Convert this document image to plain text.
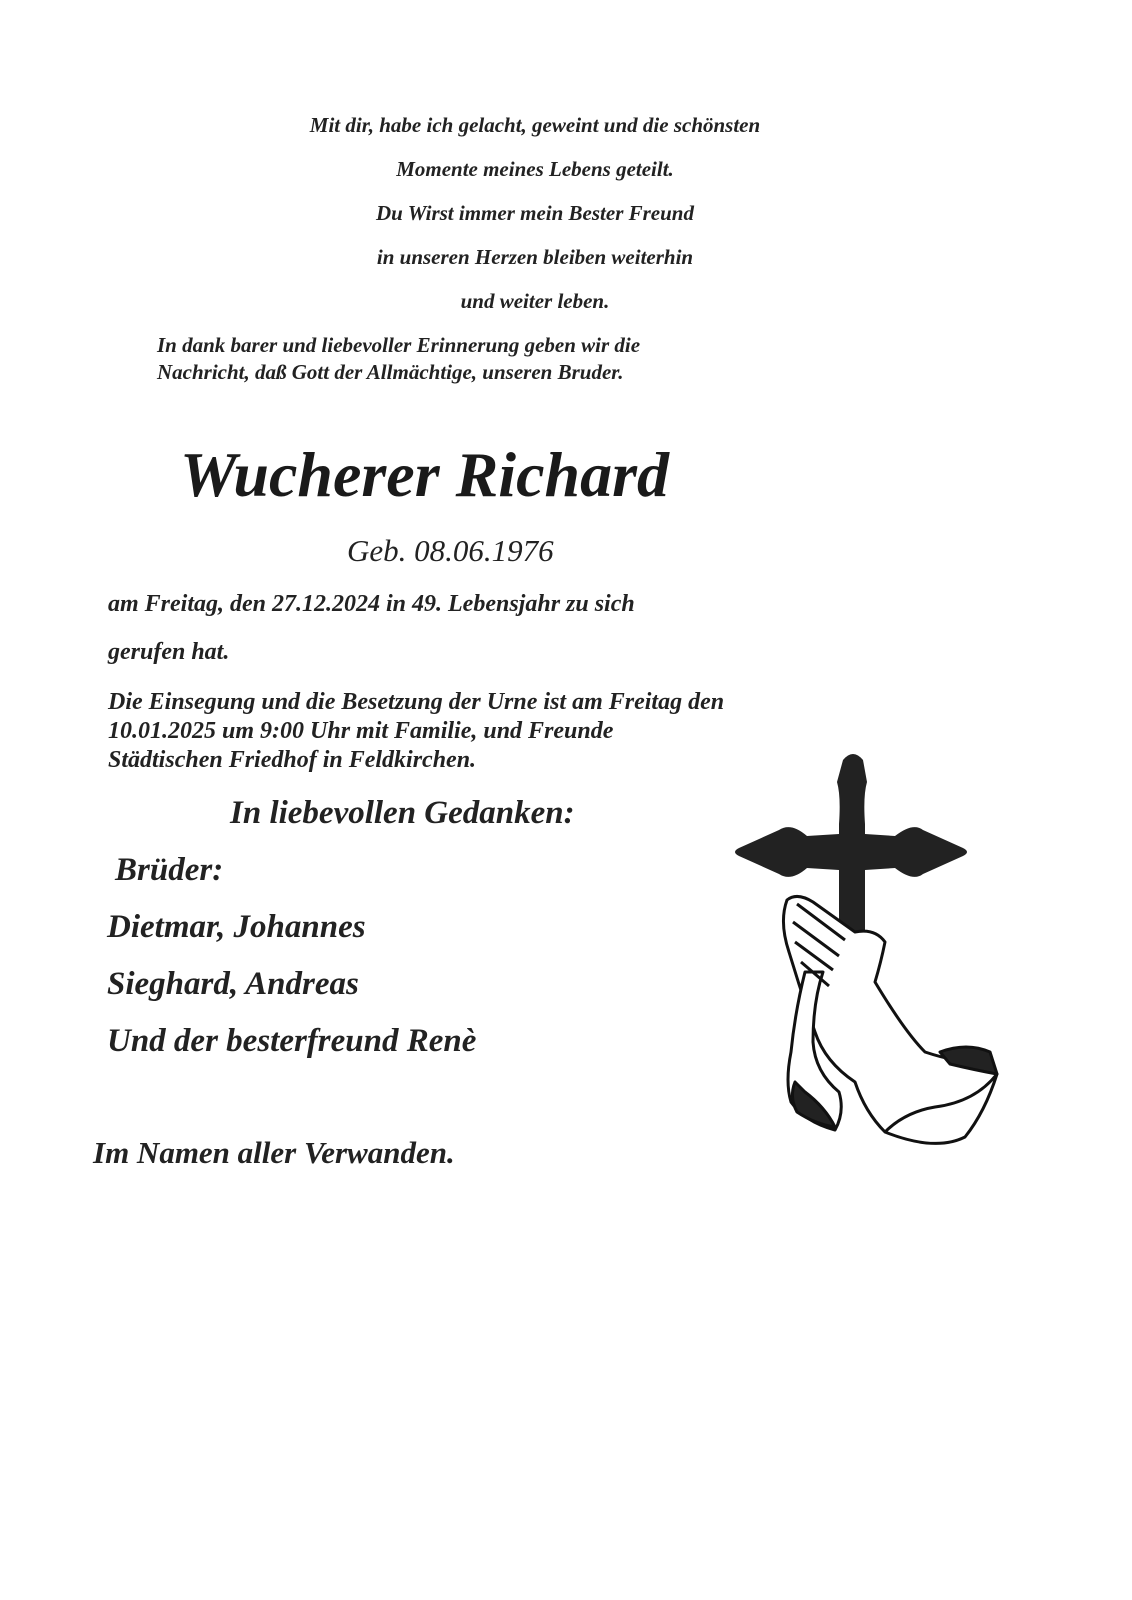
Mit dir, habe ich gelacht, geweint und die schönsten
Momente meines Lebens geteilt.
Du Wirst immer mein Bester Freund
in unseren Herzen bleiben weiterhin
und weiter leben.
In dank barer und liebevoller Erinnerung geben wir die
Nachricht, daß Gott der Allmächtige, unseren Bruder.
Wucherer Richard
Geb. 08.06.1976
am Freitag, den 27.12.2024 in 49. Lebensjahr zu sich
gerufen hat.
Die Einsegung und die Besetzung der Urne ist am Freitag den
10.01.2025 um 9:00 Uhr mit Familie, und Freunde
Städtischen Friedhof in Feldkirchen.
In liebevollen Gedanken:
Brüder:
Dietmar, Johannes
Sieghard, Andreas
Und der besterfreund Renè
Im Namen aller Verwanden.
